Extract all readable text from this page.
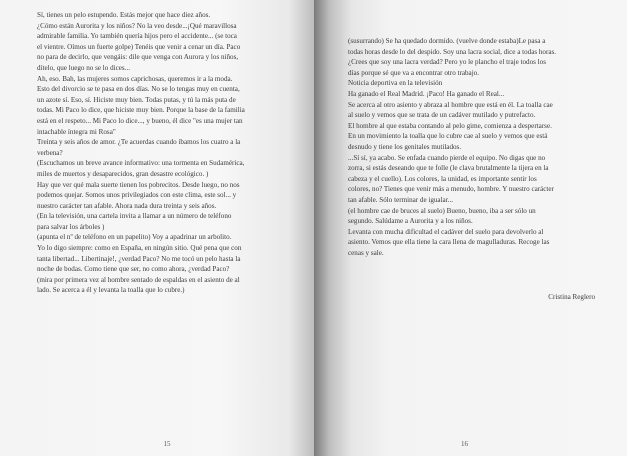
Sí, tienes un pelo estupendo. Estás mejor que hace diez años.
¿Cómo están Aurorita y los niños? No la veo desde...¡Qué maravillosa
admirable familia. Yo también quería hijos pero el accidente... (se toca
el vientre. Oímos un fuerte golpe) Tenéis que venir a cenar un día. Paco
no para de decirlo, que vengáis: dile que venga con Aurora y los niños,
dítelo, que luego no se lo dices...
Ah, eso. Bah, las mujeres somos caprichosas, queremos ir a la moda.
Esto del divorcio se te pasa en dos días. No se lo tengas muy en cuenta,
un azote sí. Eso, sí. Hiciste muy bien. Todas putas, y tú la más puta de
todas. Mi Paco lo dice, que hiciste muy bien. Porque la base de la familia
está en el respeto... Mi Paco lo dice..., y bueno, él dice "es una mujer tan
intachable íntegra mi Rosa"
Treinta y seis años de amor. ¿Te acuerdas cuando íbamos los cuatro a la
verbena?
(Escuchamos un breve avance informativo: una tormenta en Sudamérica,
miles de muertos y desaparecidos, gran desastre ecológico. )
Hay que ver qué mala suerte tienen los pobrecitos. Desde luego, no nos
podemos quejar. Somos unos privilegiados con este clima, este sol... y
nuestro carácter tan afable. Ahora nada dura treinta y seis años.
(En la televisión, una cartela invita a llamar a un número de teléfono
para salvar los árboles )
(apunta el nº de teléfono en un papelito) Voy a apadrinar un arbolito.
Yo lo digo siempre: como en España, en ningún sitio. Qué pena que con
tanta libertad... Libertinaje!, ¿verdad Paco? No me tocó un pelo hasta la
noche de bodas. Como tiene que ser, no como ahora, ¿verdad Paco?
(mira por primera vez al hombre sentado de espaldas en el asiento de al
lado. Se acerca a él y levanta la toalla que lo cubre.)
15
(susurrando) Se ha quedado dormido. (vuelve donde estaba)Le pasa a
todas horas desde lo del despido. Soy una lacra social, dice a todas horas.
¿Crees que soy una lacra verdad? Pero yo le plancho el traje todos los
días porque sé que va a encontrar otro trabajo.
Noticia deportiva en la televisión
Ha ganado el Real Madrid. ¡Paco! Ha ganado el Real...
Se acerca al otro asiento y abraza al hombre que está en él. La toalla cae
al suelo y vemos que se trata de un cadáver mutilado y putrefacto.
El hombre al que estaba contando al pelo gime, comienza a despertarse.
En un movimiento la toalla que lo cubre cae al suelo y vemos que está
desnudo y tiene los genitales mutilados.
...Sí sí, ya acabo. Se enfada cuando pierde el equipo. No digas que no
zorra, si estás deseando que te folle (le clava brutalmente la tijera en la
cabeza y el cuello). Los colores, la unidad, es importante sentir los
colores, no? Tienes que venir más a menudo, hombre. Y nuestro carácter
tan afable. Sólo terminar de igualar...
(el hombre cae de bruces al suelo) Bueno, bueno, iba a ser sólo un
segundo. Salúdame a Aurorita y a los niños.
Levanta con mucha dificultad el cadáver del suelo para devolverlo al
asiento. Vemos que ella tiene la cara llena de magulladuras. Recoge las
cenas y sale.
Cristina Reglero
16
